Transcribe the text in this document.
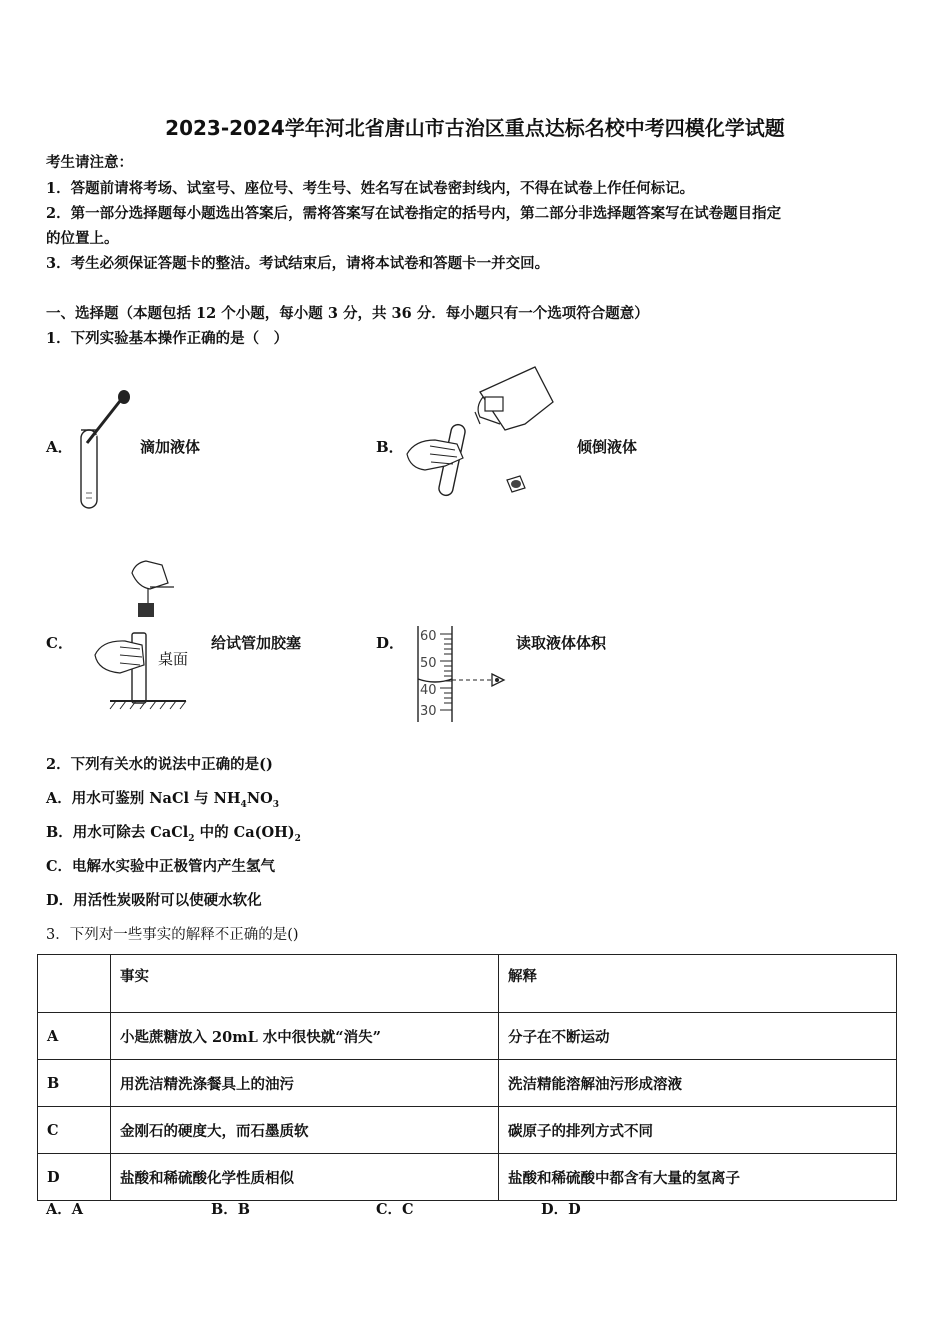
2023-2024学年河北省唐山市古治区重点达标名校中考四模化学试题
考生请注意：
1．答题前请将考场、试室号、座位号、考生号、姓名写在试卷密封线内，不得在试卷上作任何标记。
2．第一部分选择题每小题选出答案后，需将答案写在试卷指定的括号内，第二部分非选择题答案写在试卷题目指定
的位置上。
3．考生必须保证答题卡的整洁。考试结束后，请将本试卷和答题卡一并交回。
一、选择题（本题包括 12 个小题，每小题 3 分，共 36 分．每小题只有一个选项符合题意）
1．下列实验基本操作正确的是（　）
A．	滴加液体	B．	倾倒液体
C．
桌面
给试管加胶塞	D． 60
50
40
30
读取液体体积
2．下列有关水的说法中正确的是()
A．用水可鉴别 NaCl 与 $NH_4NO_3$
B．用水可除去 CaCl$_2$ 中的 $Ca(OH)_2$
C．电解水实验中正极管内产生氢气
D．用活性炭吸附可以使硬水软化
3．下列对一些事实的解释不正确的是()
	事实	解释
A	小匙蔗糖放入 20mL 水中很快就“消失”	分子在不断运动
B	用洗洁精洗涤餐具上的油污	洗洁精能溶解油污形成溶液
C	金刚石的硬度大，而石墨质软	碳原子的排列方式不同
D	盐酸和稀硫酸化学性质相似	盐酸和稀硫酸中都含有大量的氢离子
A．A	B．B	C．C	D．D
